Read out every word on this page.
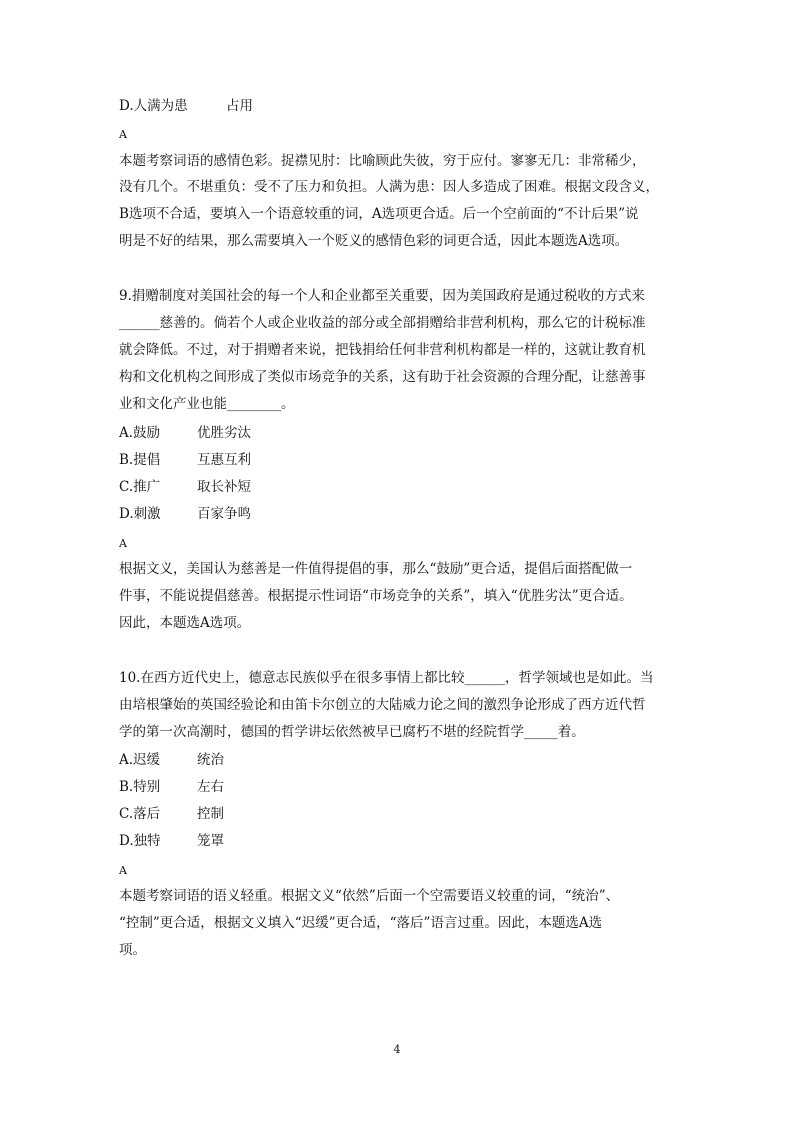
D.人满为患	占用
A
本题考察词语的感情色彩。捉襟见肘：比喻顾此失彼，穷于应付。寥寥无几：非常稀少，
没有几个。不堪重负：受不了压力和负担。人满为患：因人多造成了困难。根据文段含义，
B选项不合适，要填入一个语意较重的词，A选项更合适。后一个空前面的“不计后果”说
明是不好的结果，那么需要填入一个贬义的感情色彩的词更合适，因此本题选A选项。
9.捐赠制度对美国社会的每一个人和企业都至关重要，因为美国政府是通过税收的方式来
______慈善的。倘若个人或企业收益的部分或全部捐赠给非营利机构，那么它的计税标准
就会降低。不过，对于捐赠者来说，把钱捐给任何非营利机构都是一样的，这就让教育机
构和文化机构之间形成了类似市场竞争的关系，这有助于社会资源的合理分配，让慈善事
业和文化产业也能________。
A.鼓励	优胜劣汰
B.提倡	互惠互利
C.推广	取长补短
D.刺激	百家争鸣
A
根据文义，美国认为慈善是一件值得提倡的事，那么“鼓励”更合适，提倡后面搭配做一
件事，不能说提倡慈善。根据提示性词语“市场竞争的关系”，填入“优胜劣汰”更合适。
因此，本题选A选项。
10.在西方近代史上，德意志民族似乎在很多事情上都比较______，哲学领域也是如此。当
由培根肇始的英国经验论和由笛卡尔创立的大陆威力论之间的激烈争论形成了西方近代哲
学的第一次高潮时，德国的哲学讲坛依然被早已腐朽不堪的经院哲学_____着。
A.迟缓	统治
B.特别	左右
C.落后	控制
D.独特	笼罩
A
本题考察词语的语义轻重。根据文义“依然”后面一个空需要语义较重的词，“统治”、
“控制”更合适，根据文义填入“迟缓”更合适，“落后”语言过重。因此，本题选A选
项。
4
